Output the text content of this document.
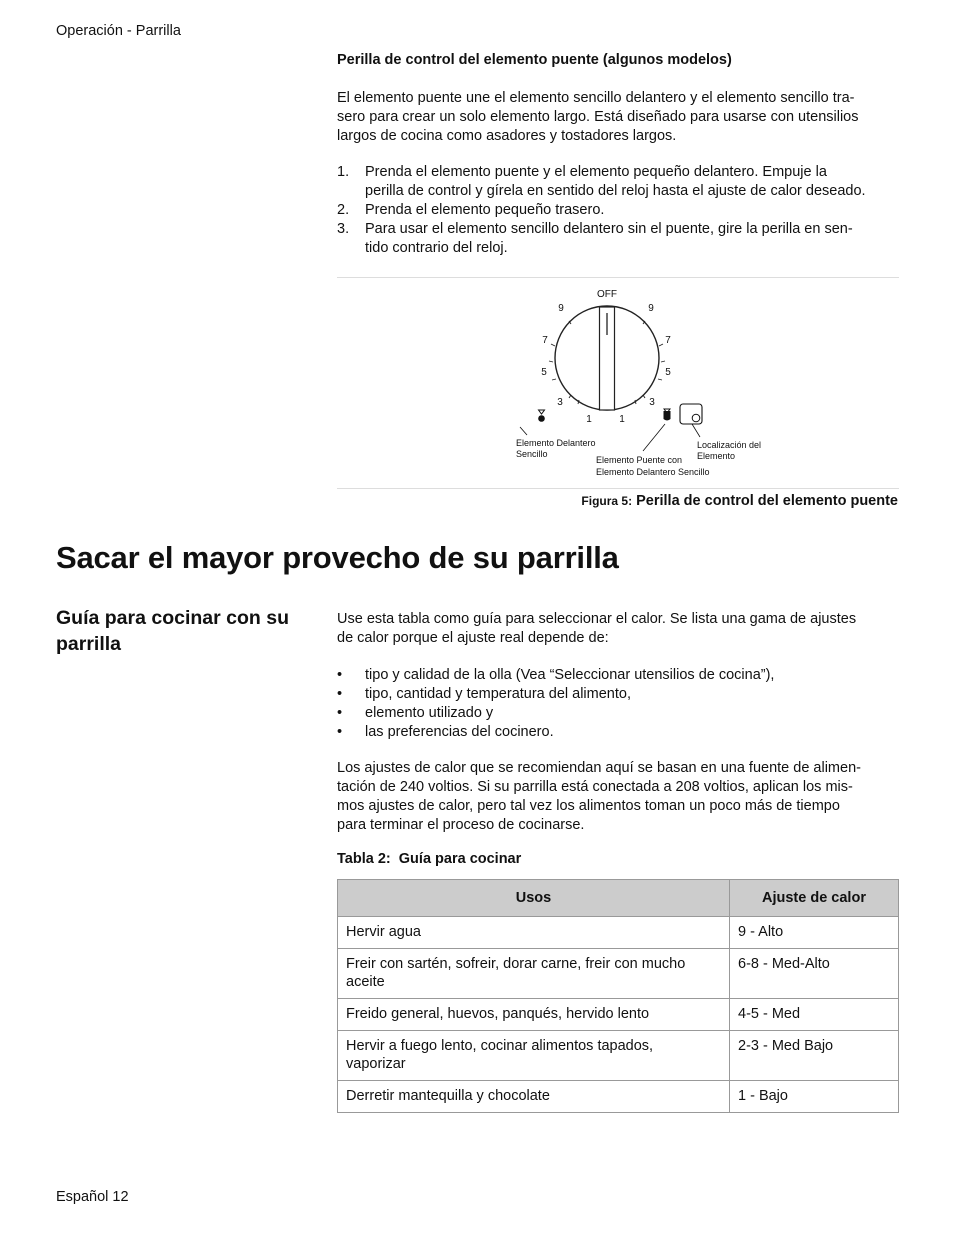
Operación - Parrilla
Perilla de control del elemento puente (algunos modelos)
El elemento puente une el elemento sencillo delantero y el elemento sencillo tra-
sero para crear un solo elemento largo. Está diseñado para usarse con utensilios
largos de cocina como asadores y tostadores largos.
1. Prenda el elemento puente y el elemento pequeño delantero. Empuje la
perilla de control y gírela en sentido del reloj hasta el ajuste de calor deseado.
2. Prenda el elemento pequeño trasero.
3. Para usar el elemento sencillo delantero sin el puente, gire la perilla en sen-
tido contrario del reloj.
OFF
9
7
5
3
1
9
7
5
3
1
Elemento Delantero Sencillo
Elemento Puente con Elemento Delantero Sencillo
Localización del Elemento
Figura 5: Perilla de control del elemento puente
Sacar el mayor provecho de su parrilla
Guía para cocinar con su parrilla
Use esta tabla como guía para seleccionar el calor. Se lista una gama de ajustes
de calor porque el ajuste real depende de:
• tipo y calidad de la olla (Vea “Seleccionar utensilios de cocina”),
• tipo, cantidad y temperatura del alimento,
• elemento utilizado y
• las preferencias del cocinero.
Los ajustes de calor que se recomiendan aquí se basan en una fuente de alimen-
tación de 240 voltios. Si su parrilla está conectada a 208 voltios, aplican los mis-
mos ajustes de calor, pero tal vez los alimentos toman un poco más de tiempo
para terminar el proceso de cocinarse.
Tabla 2:  Guía para cocinar
Usos	Ajuste de calor

Hervir agua	9 - Alto

Freir con sartén, sofreir, dorar carne, freir con mucho
aceite	6-8 - Med-Alto

Freido general, huevos, panqués, hervido lento	4-5 - Med

Hervir a fuego lento, cocinar alimentos tapados,
vaporizar	2-3 - Med Bajo

Derretir mantequilla y chocolate	1 - Bajo
Español 12
